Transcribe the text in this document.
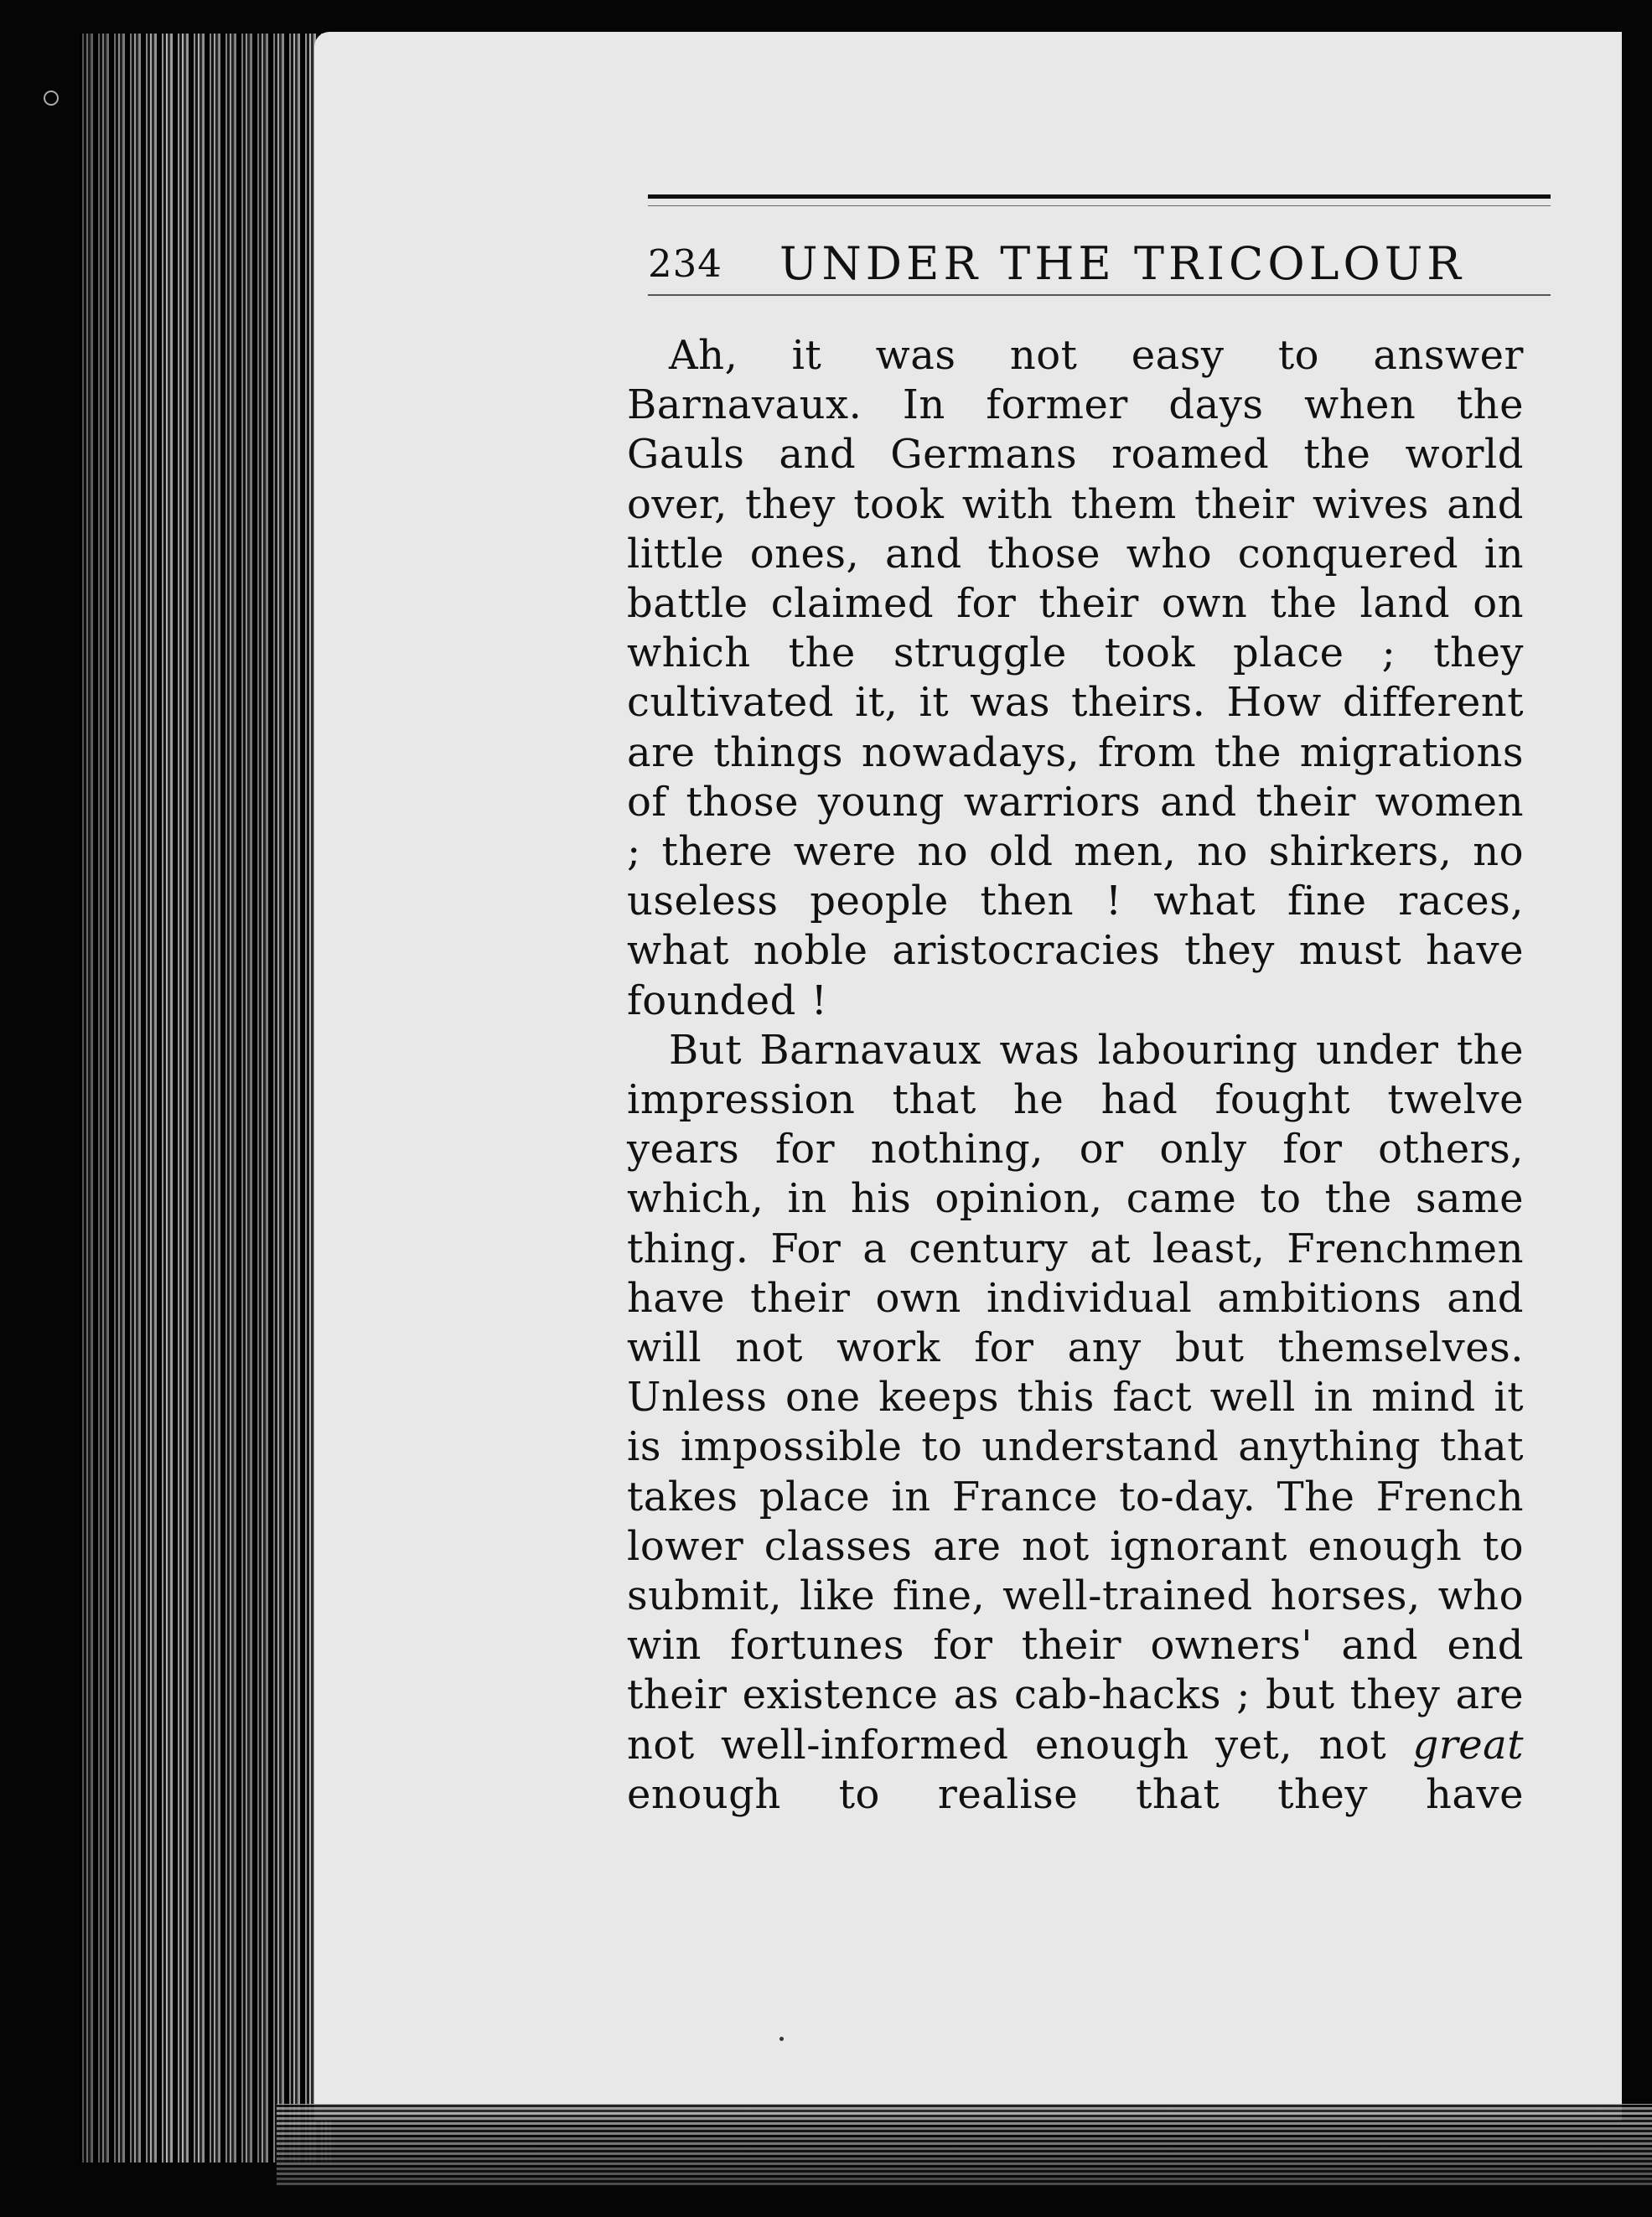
234 UNDER THE TRICOLOUR

Ah, it was not easy to answer Barnavaux. In former days when the Gauls and Germans roamed the world over, they took with them their wives and little ones, and those who conquered in battle claimed for their own the land on which the struggle took place ; they cultivated it, it was theirs. How different are things nowadays, from the migrations of those young warriors and their women ; there were no old men, no shirkers, no useless people then ! what fine races, what noble aristocracies they must have founded !

But Barnavaux was labouring under the impression that he had fought twelve years for nothing, or only for others, which, in his opinion, came to the same thing. For a century at least, Frenchmen have their own individual ambitions and will not work for any but themselves. Unless one keeps this fact well in mind it is impossible to understand anything that takes place in France to-day. The French lower classes are not ignorant enough to submit, like fine, well-trained horses, who win fortunes for their owners' and end their existence as cab-hacks ; but they are not well-informed enough yet, not great enough to realise that they have
